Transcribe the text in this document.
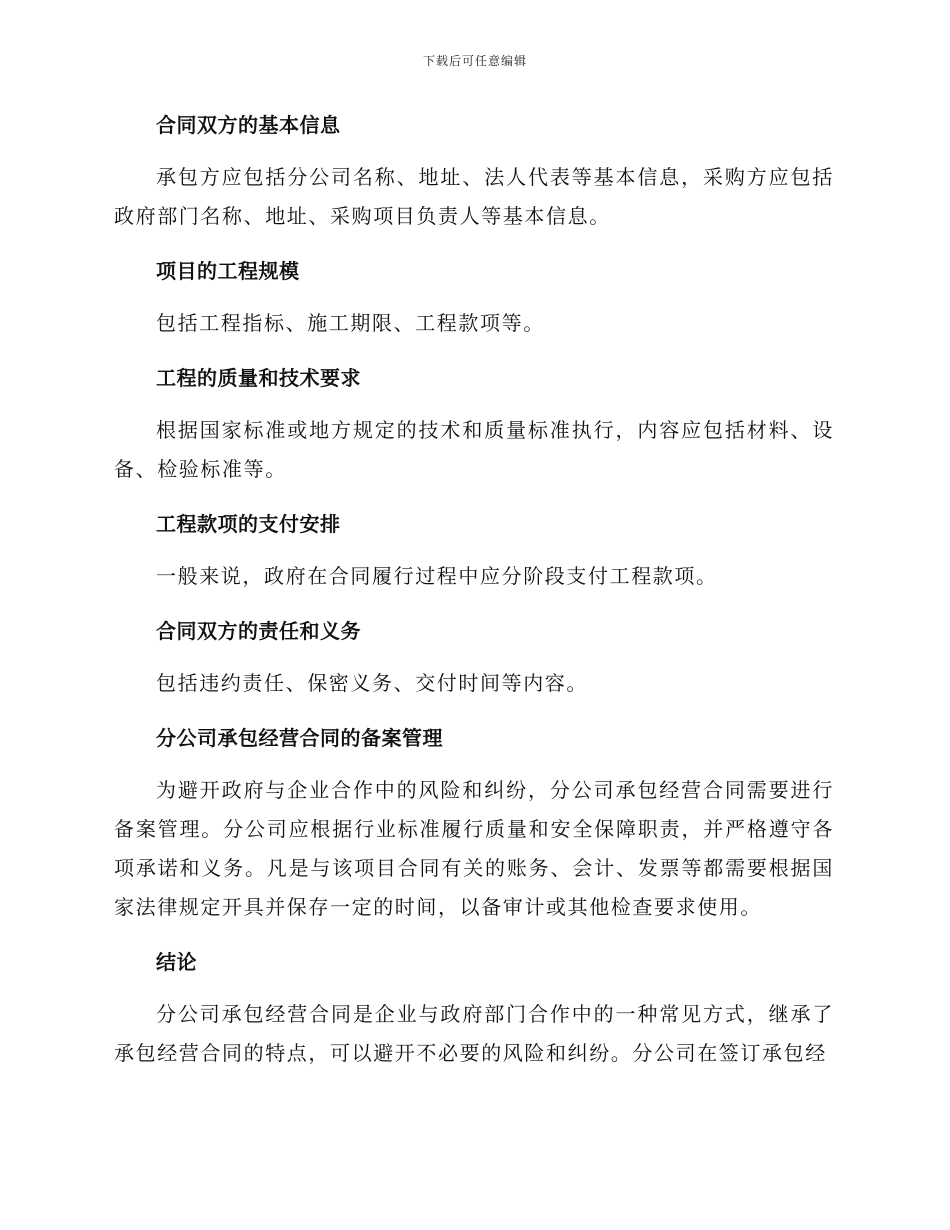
下载后可任意编辑
合同双方的基本信息
承包方应包括分公司名称、地址、法人代表等基本信息，采购方应包括政府部门名称、地址、采购项目负责人等基本信息。
项目的工程规模
包括工程指标、施工期限、工程款项等。
工程的质量和技术要求
根据国家标准或地方规定的技术和质量标准执行，内容应包括材料、设备、检验标准等。
工程款项的支付安排
一般来说，政府在合同履行过程中应分阶段支付工程款项。
合同双方的责任和义务
包括违约责任、保密义务、交付时间等内容。
分公司承包经营合同的备案管理
为避开政府与企业合作中的风险和纠纷，分公司承包经营合同需要进行备案管理。分公司应根据行业标准履行质量和安全保障职责，并严格遵守各项承诺和义务。凡是与该项目合同有关的账务、会计、发票等都需要根据国家法律规定开具并保存一定的时间，以备审计或其他检查要求使用。
结论
分公司承包经营合同是企业与政府部门合作中的一种常见方式，继承了承包经营合同的特点，可以避开不必要的风险和纠纷。分公司在签订承包经
